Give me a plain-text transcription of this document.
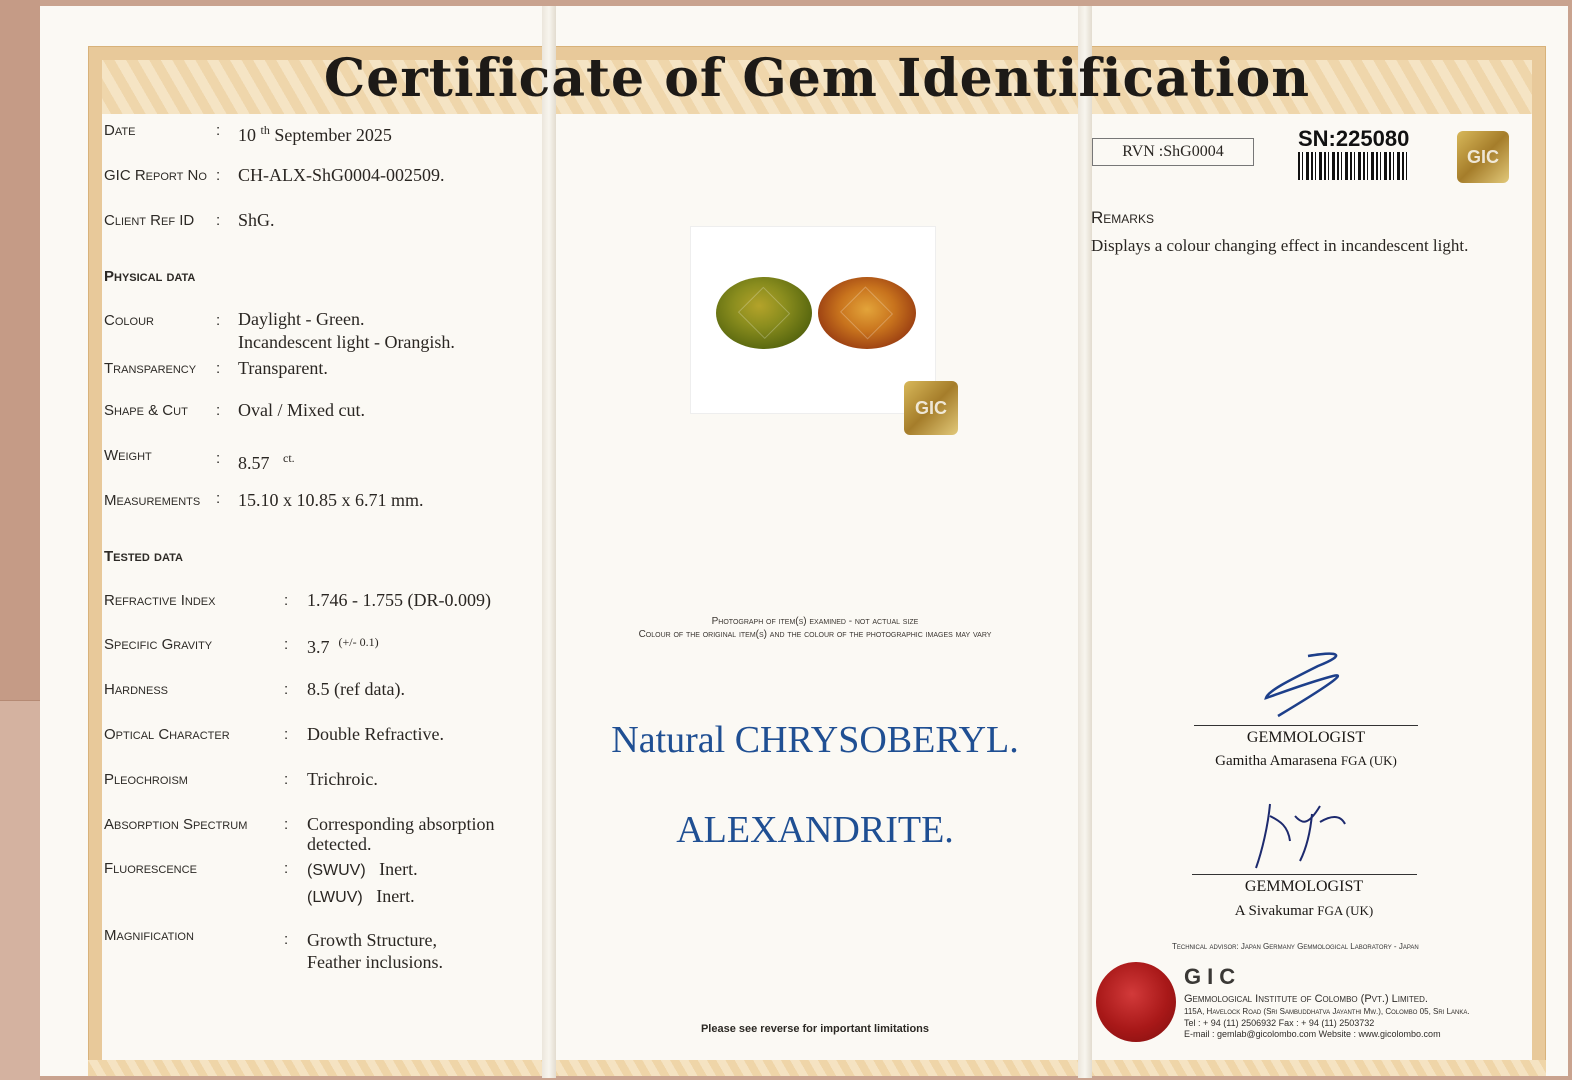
Certificate of Gem Identification
Date	: 10 $^{th}$ September 2025
GIC Report No : CH-ALX-ShG0004-002509.
Client Ref ID : ShG.
Physical data
Colour	: Daylight - Green.
Incandescent light - Orangish.
Transparency : Transparent.
Shape & Cut : Oval / Mixed cut.
Weight	: 8.57 $^{ct.}$
Measurements : 15.10 x 10.85 x 6.71 mm.
Tested data
Refractive Index	: 1.746 - 1.755 (DR-0.009)
Specific Gravity	: 3.7 $^{(+/- 0.1)}$
Hardness	: 8.5 (ref data).
Optical Character	: Double Refractive.
Pleochroism	: Trichroic.
Absorption Spectrum : Corresponding absorption
detected.
Fluorescence	: (SWUV) Inert.
(LWUV) Inert.
Magnification	: Growth Structure,
Feather inclusions.
GIC
Photograph of item(s) examined - not actual size
Colour of the original item(s) and the colour of the photographic images may vary
Natural CHRYSOBERYL.
ALEXANDRITE.
Please see reverse for important limitations
RVN :ShG0004
SN:225080
GIC
Remarks
Displays a colour changing effect in incandescent light.
GEMMOLOGIST
Gamitha Amarasena FGA (UK)
GEMMOLOGIST
A Sivakumar FGA (UK)
Technical advisor: Japan Germany Gemmological Laboratory - Japan
GIC
Gemmological Institute of Colombo (Pvt.) Limited.
115A, Havelock Road (Sri Sambuddhatva Jayanthi Mw.), Colombo 05, Sri Lanka.
Tel : + 94 (11) 2506932 Fax : + 94 (11) 2503732
E-mail : gemlab@gicolombo.com Website : www.gicolombo.com
